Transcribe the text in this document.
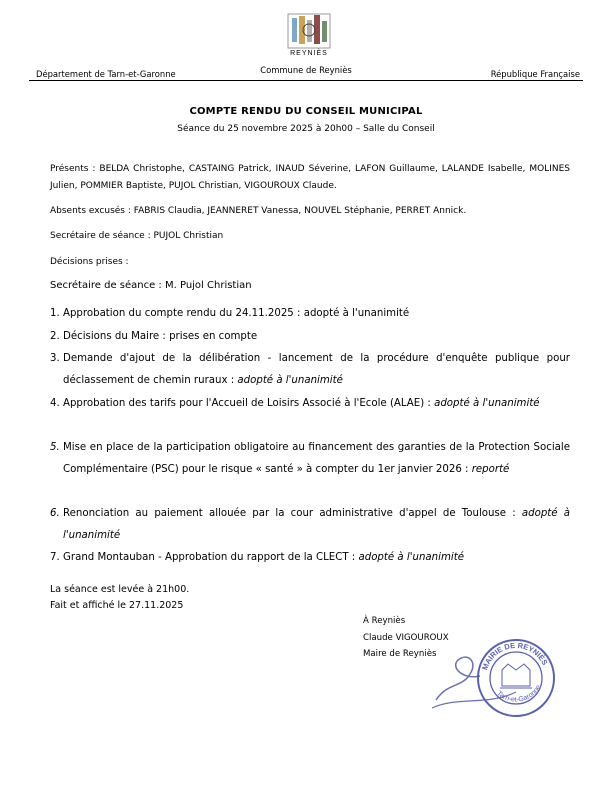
REYNIÈS
Département de Tarn-et-Garonne	Commune de Reyniès	République Française
COMPTE RENDU DU CONSEIL MUNICIPAL
Séance du 25 novembre 2025 à 20h00 – Salle du Conseil
Présents : BELDA Christophe, CASTAING Patrick, INAUD Séverine, LAFON Guillaume, LALANDE Isabelle, MOLINES Julien, POMMIER Baptiste, PUJOL Christian, VIGOUROUX Claude.
Absents excusés : FABRIS Claudia, JEANNERET Vanessa, NOUVEL Stéphanie, PERRET Annick.
Secrétaire de séance : PUJOL Christian
Décisions prises :
Secrétaire de séance : M. Pujol Christian
1. Approbation du compte rendu du 24.11.2025 : adopté à l'unanimité
2. Décisions du Maire : prises en compte
3. Demande d'ajout de la délibération - lancement de la procédure d'enquête publique pour déclassement de chemin ruraux : adopté à l'unanimité
4. Approbation des tarifs pour l'Accueil de Loisirs Associé à l'Ecole (ALAE) : adopté à l'unanimité
5. Mise en place de la participation obligatoire au financement des garanties de la Protection Sociale Complémentaire (PSC) pour le risque « santé » à compter du 1er janvier 2026 : reporté
6. Renonciation au paiement allouée par la cour administrative d'appel de Toulouse : adopté à l'unanimité
7. Grand Montauban - Approbation du rapport de la CLECT : adopté à l'unanimité
La séance est levée à 21h00.
Fait et affiché le 27.11.2025
À Reyniès
Claude VIGOUROUX
Maire de Reyniès
MAIRIE DE REYNIÈS
Tarn-et-Garonne
